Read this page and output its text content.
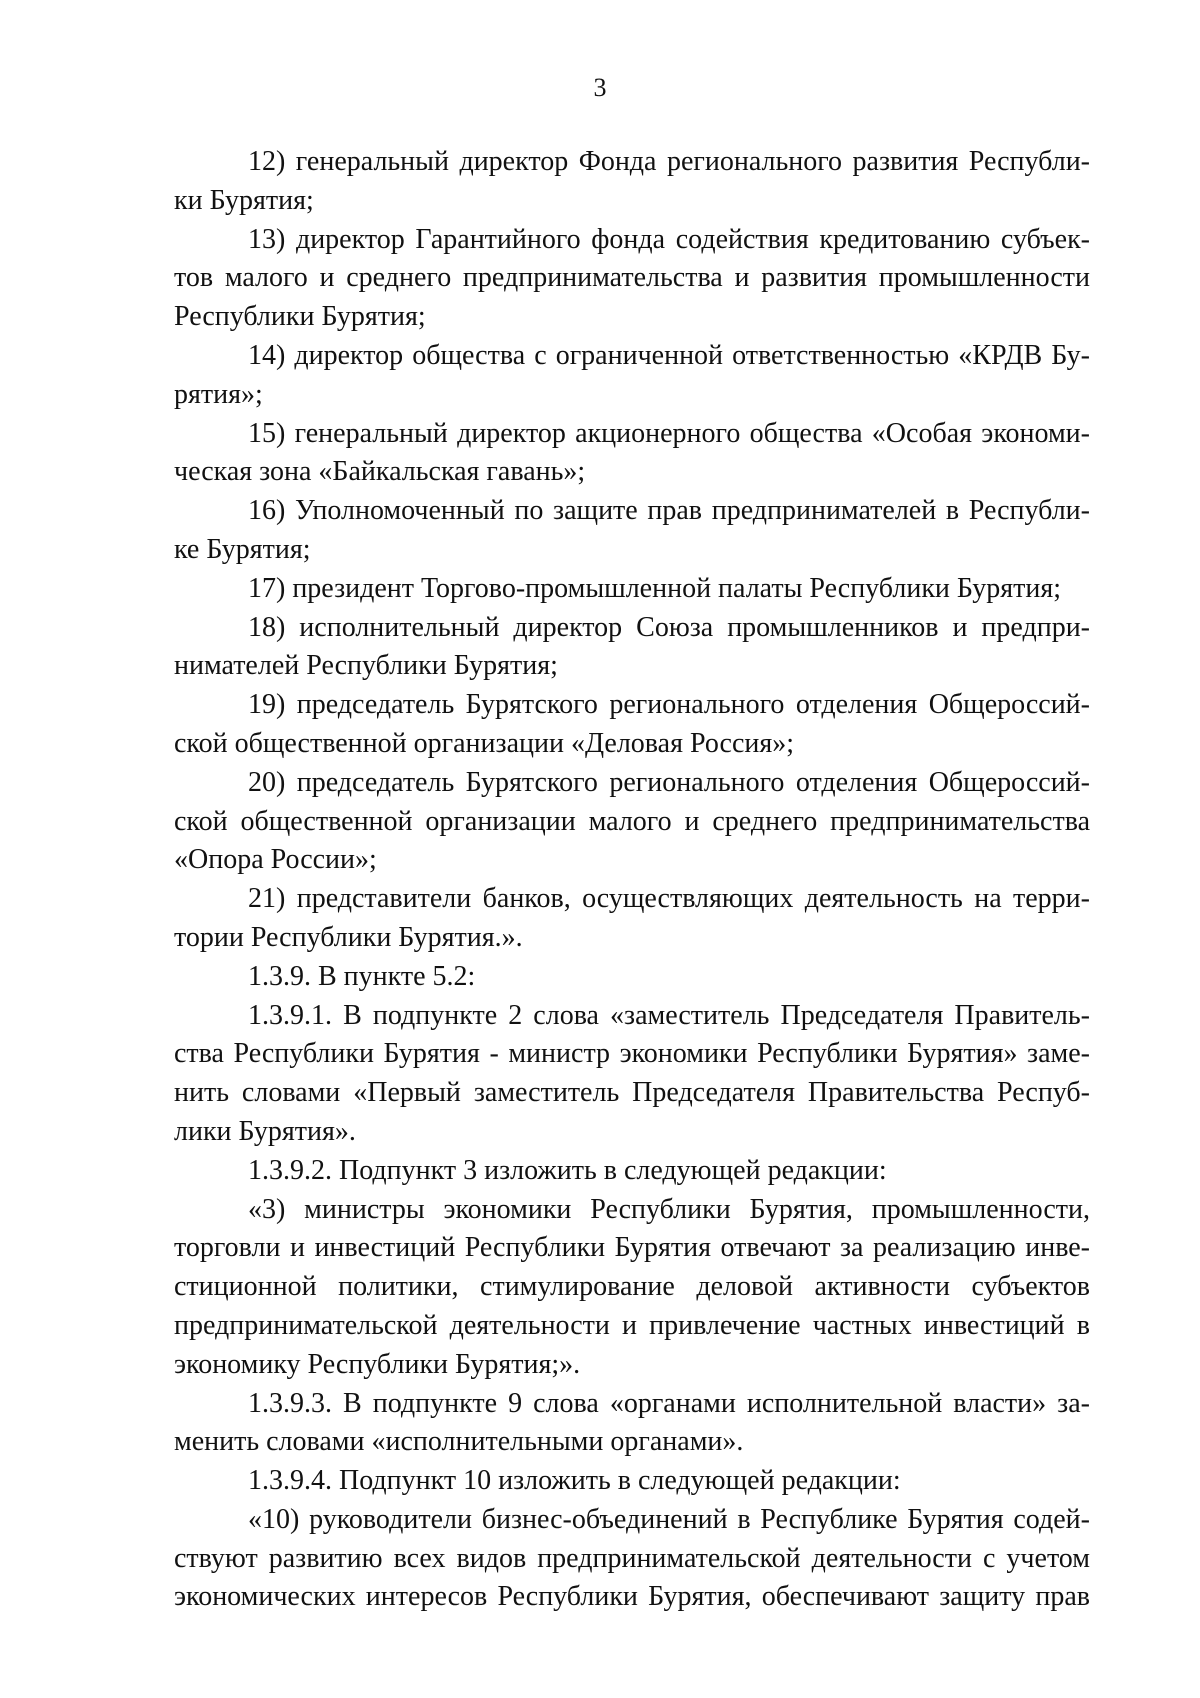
3
12) генеральный директор Фонда регионального развития Республи-
ки Бурятия;
13) директор Гарантийного фонда содействия кредитованию субъек-
тов малого и среднего предпринимательства и развития промышленности
Республики Бурятия;
14) директор общества с ограниченной ответственностью «КРДВ Бу-
рятия»;
15) генеральный директор акционерного общества «Особая экономи-
ческая зона «Байкальская гавань»;
16) Уполномоченный по защите прав предпринимателей в Республи-
ке Бурятия;
17) президент Торгово-промышленной палаты Республики Бурятия;
18) исполнительный директор Союза промышленников и предпри-
нимателей Республики Бурятия;
19) председатель Бурятского регионального отделения Общероссий-
ской общественной организации «Деловая Россия»;
20) председатель Бурятского регионального отделения Общероссий-
ской общественной организации малого и среднего предпринимательства
«Опора России»;
21) представители банков, осуществляющих деятельность на терри-
тории Республики Бурятия.».
1.3.9. В пункте 5.2:
1.3.9.1. В подпункте 2 слова «заместитель Председателя Правитель-
ства Республики Бурятия - министр экономики Республики Бурятия» заме-
нить словами «Первый заместитель Председателя Правительства Респуб-
лики Бурятия».
1.3.9.2. Подпункт 3 изложить в следующей редакции:
«3) министры экономики Республики Бурятия, промышленности,
торговли и инвестиций Республики Бурятия отвечают за реализацию инве-
стиционной политики, стимулирование деловой активности субъектов
предпринимательской деятельности и привлечение частных инвестиций в
экономику Республики Бурятия;».
1.3.9.3. В подпункте 9 слова «органами исполнительной власти» за-
менить словами «исполнительными органами».
1.3.9.4. Подпункт 10 изложить в следующей редакции:
«10) руководители бизнес-объединений в Республике Бурятия содей-
ствуют развитию всех видов предпринимательской деятельности с учетом
экономических интересов Республики Бурятия, обеспечивают защиту прав
